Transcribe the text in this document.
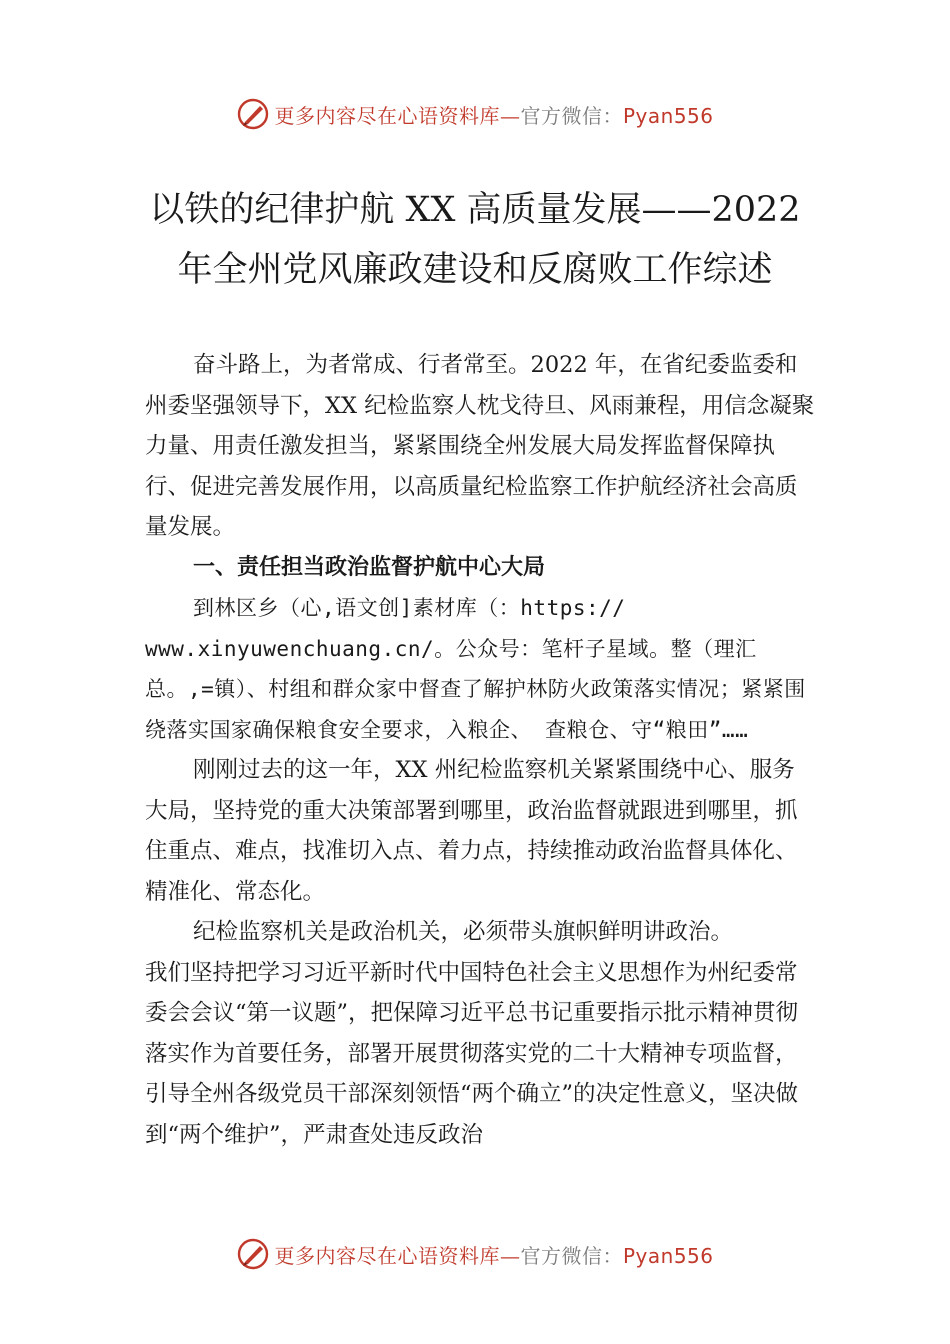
更多内容尽在心语资料库—官方微信：Pyan556
以铁的纪律护航 XX 高质量发展——2022
年全州党风廉政建设和反腐败工作综述

奋斗路上，为者常成、行者常至。2022 年，在省纪委监委和州委坚强领导下，XX 纪检监察人枕戈待旦、风雨兼程，用信念凝聚力量、用责任激发担当，紧紧围绕全州发展大局发挥监督保障执行、促进完善发展作用，以高质量纪检监察工作护航经济社会高质量发展。

一、责任担当政治监督护航中心大局

到林区乡（心,语文创]素材库（：https://

www.xinyuwenchuang.cn/。公众号：笔杆子星域。整（理汇总。,=镇）、村组和群众家中督查了解护林防火政策落实情况；紧紧围绕落实国家确保粮食安全要求，入粮企、 查粮仓、守“粮田”……

刚刚过去的这一年，XX 州纪检监察机关紧紧围绕中心、服务大局，坚持党的重大决策部署到哪里，政治监督就跟进到哪里，抓住重点、难点，找准切入点、着力点，持续推动政治监督具体化、精准化、常态化。

纪检监察机关是政治机关，必须带头旗帜鲜明讲政治。

我们坚持把学习习近平新时代中国特色社会主义思想作为州纪委常委会会议“第一议题”，把保障习近平总书记重要指示批示精神贯彻落实作为首要任务，部署开展贯彻落实党的二十大精神专项监督，引导全州各级党员干部深刻领悟“两个确立”的决定性意义，坚决做到“两个维护”，严肃查处违反政治

更多内容尽在心语资料库—官方微信：Pyan556
